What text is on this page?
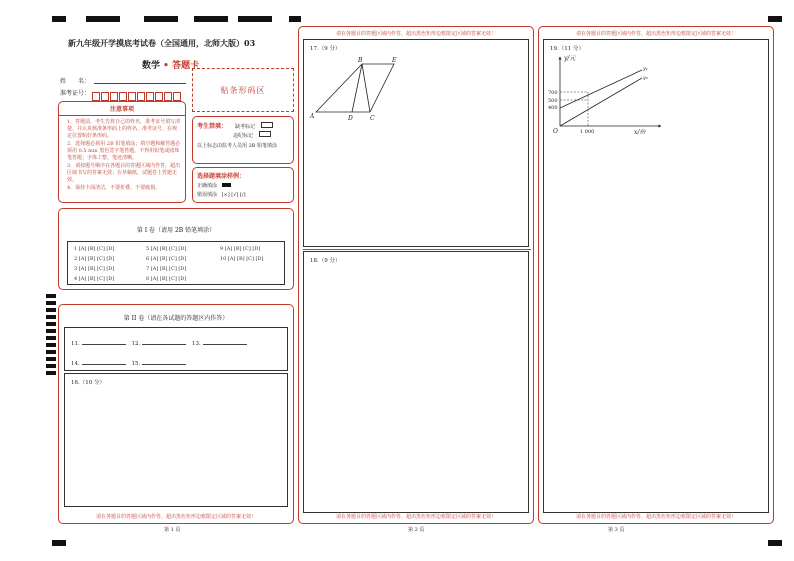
新九年级开学摸底考试卷（全国通用，北师大版）03
数学 • 答题卡
姓　　名：
准考证号：	贴条形码区
注意事项
1．答题前，考生先将自己的姓名，准考证号填写清楚，并认真核准条形码上的姓名、准考证号，在规定位置贴好条形码。
2．选择题必须用 2B 铅笔填涂；填空题和解答题必须用 0.5 mm 黑色签字笔答题，不得用铅笔或圆珠笔答题；字体工整、笔迹清晰。
3．请按题号顺序在各题目的答题区域内作答，超出区域书写的答案无效；在草稿纸、试题卷上答题无效。
4．保持卡面清洁，不要折叠、不要破损。
考生禁填： 缺考标记
违纪标记
以上标志由监考人员用 2B 铅笔填涂
选择题填涂样例：
正确填涂
错误填涂 [×] [√] [/]
第 I 卷（请用 2B 铅笔填涂）
1 [A] [B] [C] [D]
2 [A] [B] [C] [D]
3 [A] [B] [C] [D]
4 [A] [B] [C] [D]
5 [A] [B] [C] [D]
6 [A] [B] [C] [D]
7 [A] [B] [C] [D]
8 [A] [B] [C] [D]
9 [A] [B] [C] [D]
10 [A] [B] [C] [D]
第 II 卷（请在各试题的答题区内作答）
11.	12.	13.
14.	15.
16.（10 分）
请在各题目的答题区域内作答，超出黑色矩形边框限定区域的答案无效！
第 1 页
请在各题目的答题区域内作答，超出黑色矩形边框限定区域的答案无效！
17.（9 分）
A
B	E
D	C
18.（9 分）
请在各题目的答题区域内作答，超出黑色矩形边框限定区域的答案无效！
第 2 页
请在各题目的答题区域内作答，超出黑色矩形边框限定区域的答案无效！
19.（11 分）
y/元
x/份
O
700
500
400
1 000
y₁
y₂
请在各题目的答题区域内作答，超出黑色矩形边框限定区域的答案无效！
第 3 页
